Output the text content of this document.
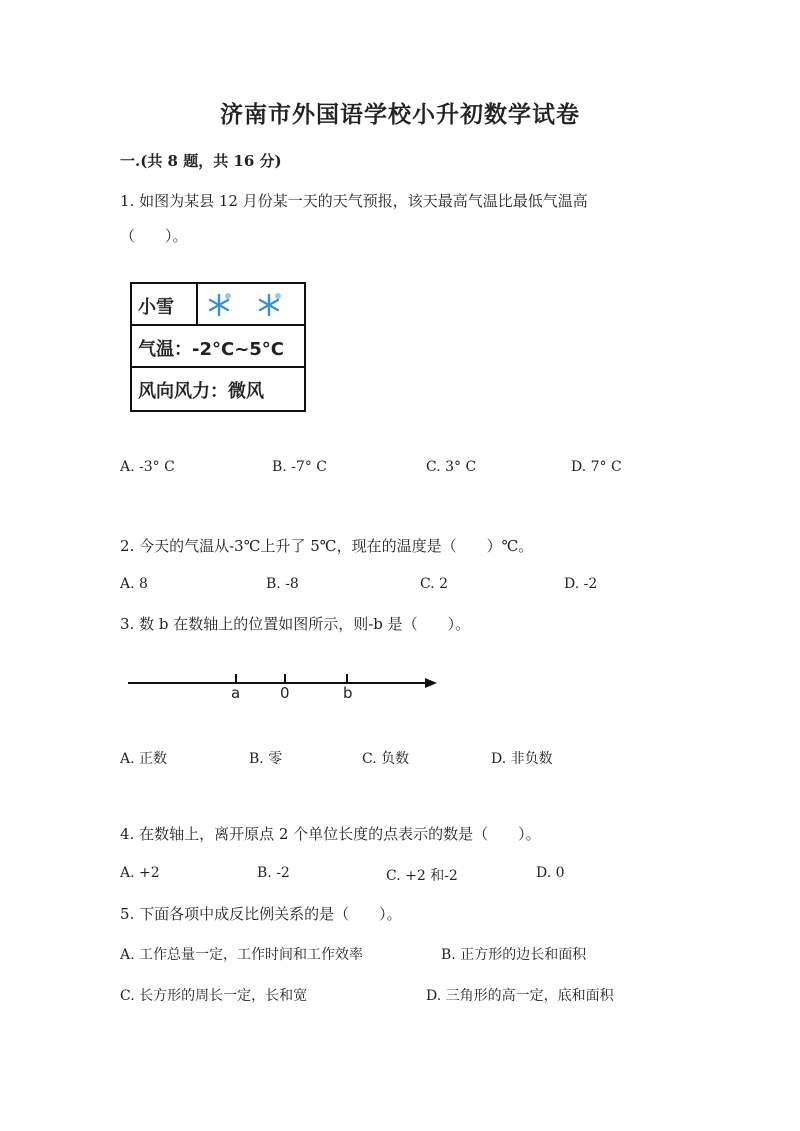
济南市外国语学校小升初数学试卷
一.(共 8 题，共 16 分)
1. 如图为某县 12 月份某一天的天气预报，该天最高气温比最低气温高
（　　）。
小雪
气温：-2°C~5°C
风向风力：微风
A. -3° C	B. -7° C	C. 3° C	D. 7° C
2. 今天的气温从-3℃上升了 5℃，现在的温度是（　　）℃。
A. 8	B. -8	C. 2	D. -2
3. 数 b 在数轴上的位置如图所示，则-b 是（　　）。
a	0	b
A. 正数	B. 零	C. 负数	D. 非负数
4. 在数轴上，离开原点 2 个单位长度的点表示的数是（　　）。
A. +2	B. -2	C. +2 和-2	D. 0
5. 下面各项中成反比例关系的是（　　）。
A. 工作总量一定，工作时间和工作效率	B. 正方形的边长和面积
C. 长方形的周长一定，长和宽	D. 三角形的高一定，底和面积
